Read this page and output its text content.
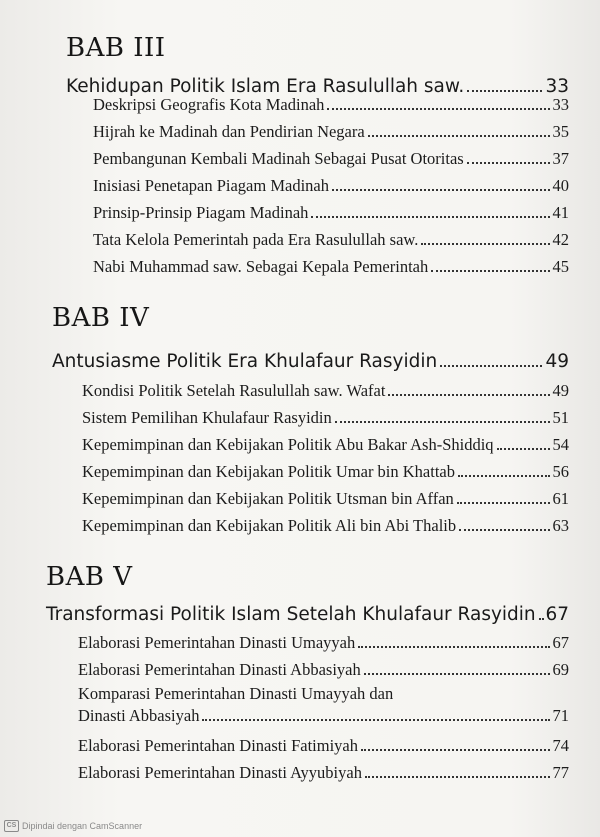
BAB III
Kehidupan Politik Islam Era Rasulullah saw.	33
Deskripsi Geografis Kota Madinah	33
Hijrah ke Madinah dan Pendirian Negara	35
Pembangunan Kembali Madinah Sebagai Pusat Otoritas	37
Inisiasi Penetapan Piagam Madinah	40
Prinsip-Prinsip Piagam Madinah	41
Tata Kelola Pemerintah pada Era Rasulullah saw.	42
Nabi Muhammad saw. Sebagai Kepala Pemerintah	45
BAB IV
Antusiasme Politik Era Khulafaur Rasyidin	49
Kondisi Politik Setelah Rasulullah saw. Wafat	49
Sistem Pemilihan Khulafaur Rasyidin	51
Kepemimpinan dan Kebijakan Politik Abu Bakar Ash-Shiddiq	54
Kepemimpinan dan Kebijakan Politik Umar bin Khattab	56
Kepemimpinan dan Kebijakan Politik Utsman bin Affan	61
Kepemimpinan dan Kebijakan Politik Ali bin Abi Thalib	63
BAB V
Transformasi Politik Islam Setelah Khulafaur Rasyidin 67
Elaborasi Pemerintahan Dinasti Umayyah	67
Elaborasi Pemerintahan Dinasti Abbasiyah	69
Komparasi Pemerintahan Dinasti Umayyah dan
Dinasti Abbasiyah	71
Elaborasi Pemerintahan Dinasti Fatimiyah	74
Elaborasi Pemerintahan Dinasti Ayyubiyah	77
CS Dipindai dengan CamScanner
